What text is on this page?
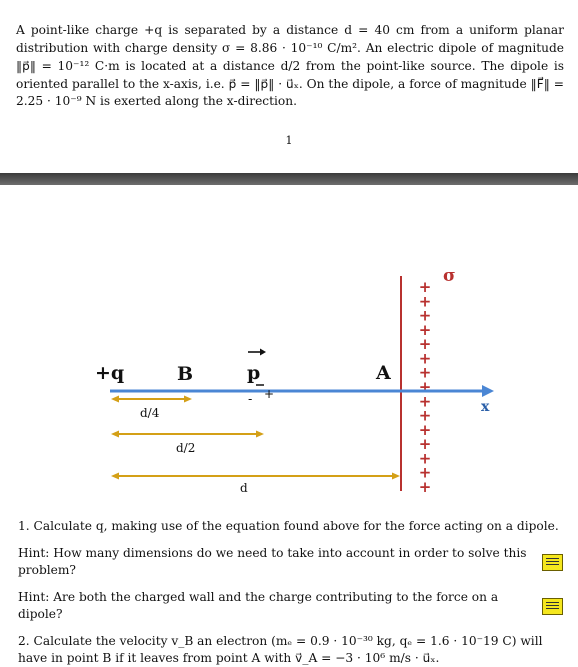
A point-like charge +q is separated by a distance d = 40 cm from a uniform planar distribution with charge density σ = 8.86 · 10⁻¹⁰ C/m². An electric dipole of magnitude ‖p⃗‖ = 10⁻¹² C·m is located at a distance d/2 from the point-like source. The dipole is oriented parallel to the x-axis, i.e. p⃗ = ‖p⃗‖ · u⃗ₓ. On the dipole, a force of magnitude ‖F⃗‖ = 2.25 · 10⁻⁹ N is exerted along the x-direction.

1
σ
+
+
+
+
+
+
+
+
+
+
+
+
+
+
+
x
+q	B	A
p
- +
d/4
d/2
d

1. Calculate q, making use of the equation found above for the force acting on a dipole.

Hint: How many dimensions do we need to take into account in order to solve this problem?
Hint: Are both the charged wall and the charge contributing to the force on a dipole?

2. Calculate the velocity v_B an electron (mₑ = 0.9 · 10⁻³⁰ kg, qₑ = 1.6 · 10⁻19 C) will have in point B if it leaves from point A with v⃗_A = −3 · 10⁶ m/s · u⃗ₓ.
